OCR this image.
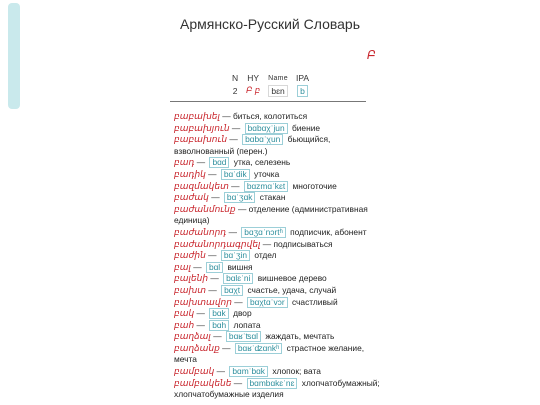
Армянско-Русский Словарь
Բ
N	HY	Name	IPA
2	Բ բ	bɛn	b

բաբախել — биться, колотиться

բաբախյուն — bɑbɑχˈjun биение

բաբախուն — bɑbɑˈχun бьющийся, взволнованный (перен.)

բադ — bɑd утка, селезень

բադիկ — bɑˈdik уточка

բազմակետ — bɑzmɑˈkɛt многоточие

բաժակ — bɑˈʒɑk стакан

բաժանմունք — отделение (административная единица)

բաժանորդ — bɑʒɑˈnɔrtʰ подписчик, абонент

բաժանորդագրվել — подписываться

բաժին — bɑˈʒin отдел

բալ — bɑl вишня

բալենի — bɑlɛˈni вишневое дерево

բախտ — bɑχt счастье, удача, случай

բախտավոր — bɑχtɑˈvɔr счастливый

բակ — bɑk двор

բահ — bɑh лопата

բաղձալ — bɑʁˈʦɑl жаждать, мечтать

բաղձանք — bɑʁˈʣɑnkʰ страстное желание, мечта

բամբակ — bɑmˈbɑk хлопок; вата

բամբակենե — bɑmbɑkɛˈnɛ хлопчатобумажный; хлопчатобумажные изделия
